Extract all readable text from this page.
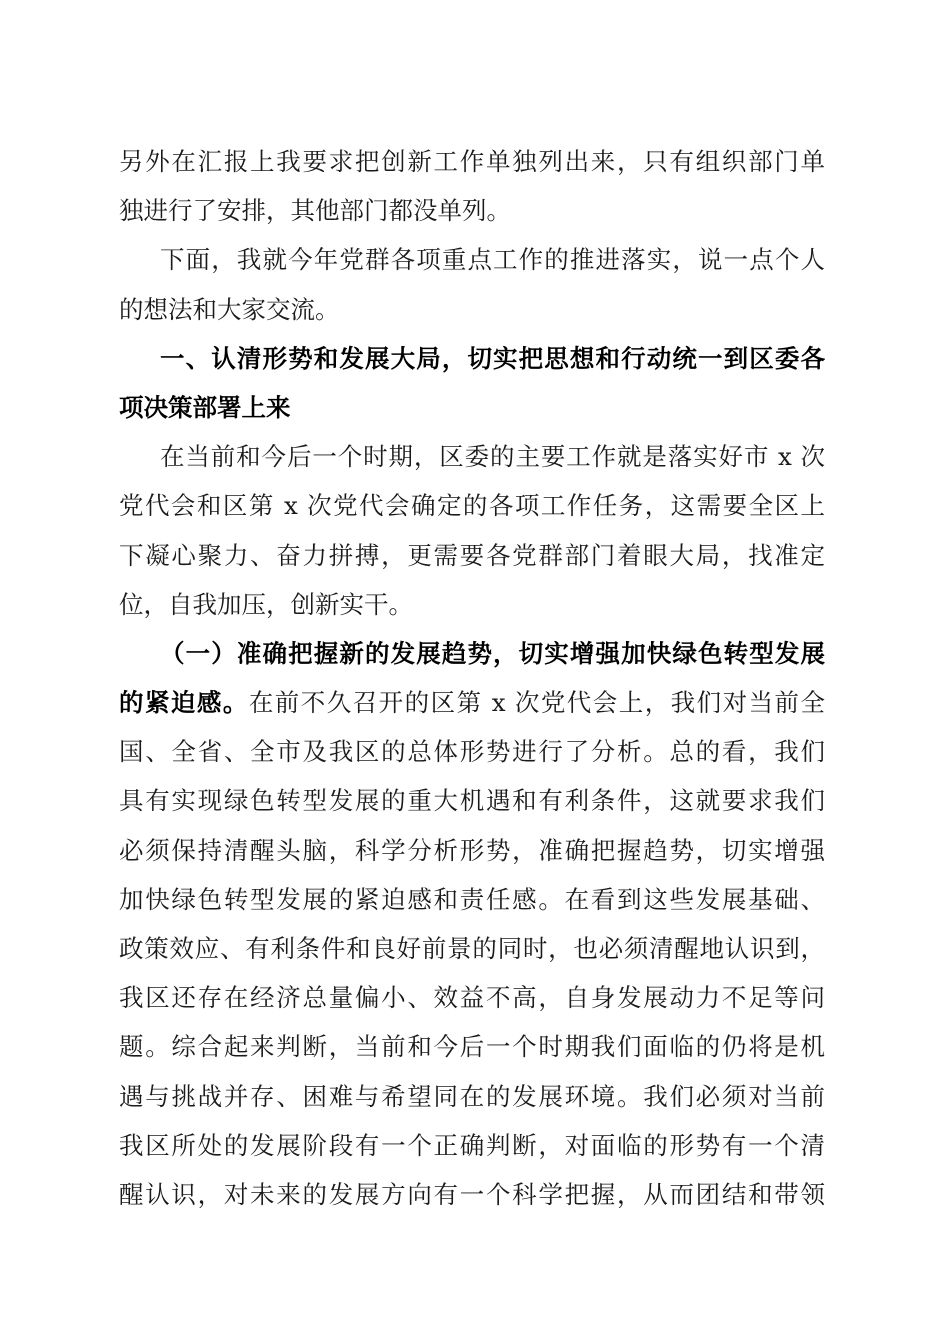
另外在汇报上我要求把创新工作单独列出来，只有组织部门单
独进行了安排，其他部门都没单列。
下面，我就今年党群各项重点工作的推进落实，说一点个人
的想法和大家交流。
一、认清形势和发展大局，切实把思想和行动统一到区委各
项决策部署上来
在当前和今后一个时期，区委的主要工作就是落实好市 x 次
党代会和区第 x 次党代会确定的各项工作任务，这需要全区上
下凝心聚力、奋力拼搏，更需要各党群部门着眼大局，找准定
位，自我加压，创新实干。
（一）准确把握新的发展趋势，切实增强加快绿色转型发展
的紧迫感。在前不久召开的区第 x 次党代会上，我们对当前全
国、全省、全市及我区的总体形势进行了分析。总的看，我们
具有实现绿色转型发展的重大机遇和有利条件，这就要求我们
必须保持清醒头脑，科学分析形势，准确把握趋势，切实增强
加快绿色转型发展的紧迫感和责任感。在看到这些发展基础、
政策效应、有利条件和良好前景的同时，也必须清醒地认识到，
我区还存在经济总量偏小、效益不高，自身发展动力不足等问
题。综合起来判断，当前和今后一个时期我们面临的仍将是机
遇与挑战并存、困难与希望同在的发展环境。我们必须对当前
我区所处的发展阶段有一个正确判断，对面临的形势有一个清
醒认识，对未来的发展方向有一个科学把握，从而团结和带领
